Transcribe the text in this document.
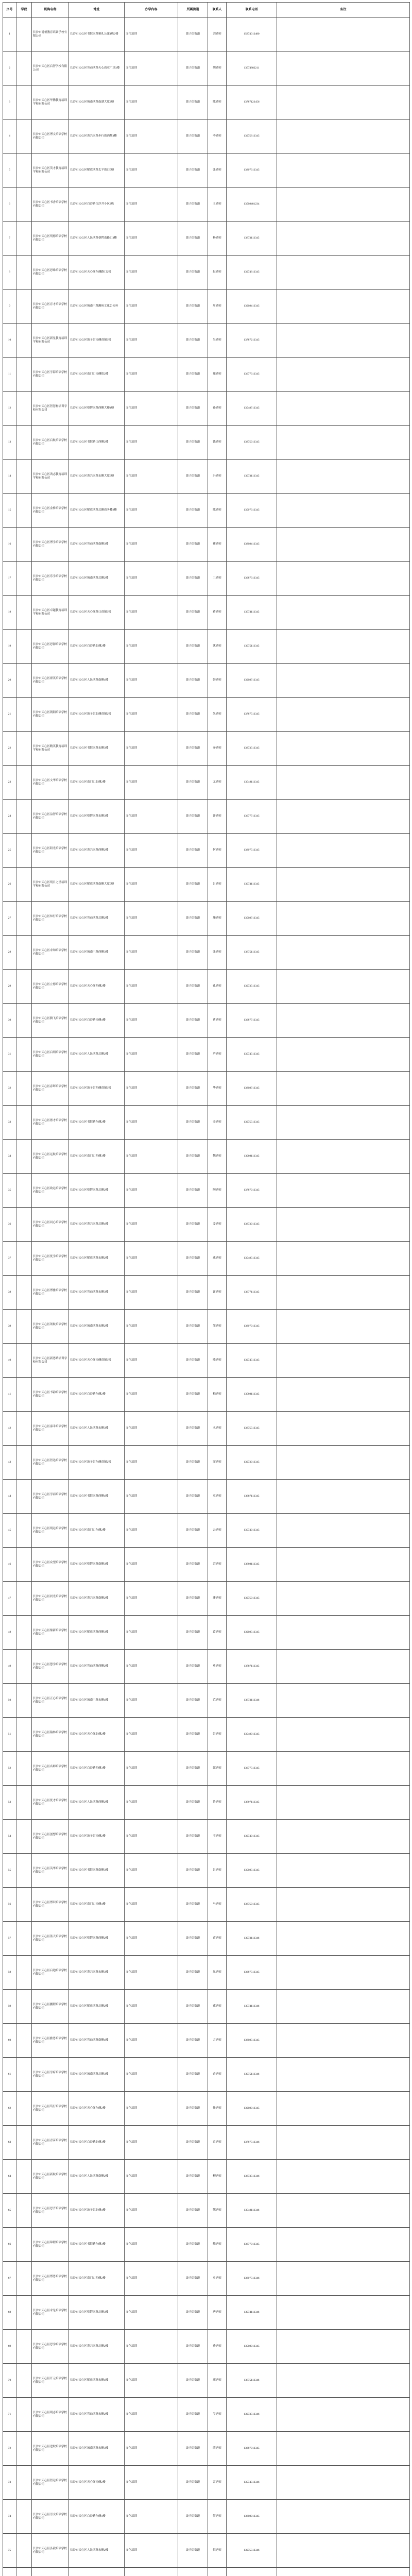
序号	学段	机构名称	地址	办学内容	所属街道	联系人	联系电话	备注
1		长沙市易德教育培训学校有限公司	长沙市天心区书院南路雅礼公寓1栋2楼	文化培训	坡子街街道	刘老师	15874012480	
2		长沙市天心区启智学校有限公司	长沙市天心区劳动西路天心商业广场3楼	文化培训	坡子街街道	胡老师	13574882211	
3		长沙市天心区华腾教育培训学校有限公司	长沙市天心区城南西路南湖大厦2楼	文化培训	坡子街街道	陈老师	13787123456	
4		长沙市天心区博文培训学校有限公司	长沙市天心区黄兴南路步行街西侧3楼	文化培训	坡子街街道	李老师	13975812345	
5		长沙市天心区英才教育培训学校有限公司	长沙市天心区解放西路太平街口5楼	文化培训	坡子街街道	张老师	13807312345	
6		长沙市天心区书香培训学校有限公司	长沙市天心区白沙路白沙井小区2栋	文化培训	坡子街街道	王老师	13508481234	
7		长沙市天心区明德培训学校有限公司	长沙市天心区人民西路蔡锷南路口3楼	文化培训	坡子街街道	杨老师	13873112345	
8		长沙市天心区思维培训学校有限公司	长沙市天心区天心阁东侧路口2楼	文化培训	坡子街街道	赵老师	13974812345	
9		长沙市天心区育才培训学校有限公司	长沙市天心区城南中路湘府文化公园旁	文化培训	坡子街街道	周老师	13908412345	
10		长沙市天心区新星教育培训学校有限公司	长沙市天心区坡子街南侧商铺3楼	文化培训	坡子街街道	吴老师	13787212345	
11		长沙市天心区学海培训学校有限公司	长沙市天心区南门口南侧街2楼	文化培训	坡子街街道	郑老师	13677312345	
12		长沙市天心区智慧树培训学校有限公司	长沙市天心区蔡锷南路西侧大楼4楼	文化培训	坡子街街道	孙老师	13548712345	
13		长沙市天心区启航培训学校有限公司	长沙市天心区书院路口西侧2楼	文化培训	坡子街街道	钱老师	13875912345	
14		长沙市天心区鸿志教育培训学校有限公司	长沙市天心区黄兴南路东侧大厦6楼	文化培训	坡子街街道	冯老师	13973112345	
15		长沙市天心区金桥培训学校有限公司	长沙市天心区解放西路北侧商务楼2楼	文化培训	坡子街街道	陈老师	13507312345	
16		长沙市天心区博学培训学校有限公司	长沙市天心区劳动西路南侧3楼	文化培训	坡子街街道	褚老师	13808412345	
17		长沙市天心区乐学培训学校有限公司	长沙市天心区城南西路北侧2楼	文化培训	坡子街街道	卫老师	13687312345	
18		长沙市天心区卓越教育培训学校有限公司	长沙市天心区天心阁路口商铺3楼	文化培训	坡子街街道	蒋老师	13574112345	
19		长沙市天心区思源培训学校有限公司	长沙市天心区白沙路北侧2楼	文化培训	坡子街街道	沈老师	13975112345	
20		长沙市天心区群英培训学校有限公司	长沙市天心区人民西路南侧4楼	文化培训	坡子街街道	韩老师	13908712345	
21		长沙市天心区朝阳培训学校有限公司	长沙市天心区坡子街北侧商铺2楼	文化培训	坡子街街道	朱老师	13787512345	
22		长沙市天心区精英教育培训学校有限公司	长沙市天心区书院南路东侧3楼	文化培训	坡子街街道	秦老师	13873512345	
23		长沙市天心区文华培训学校有限公司	长沙市天心区南门口北侧2楼	文化培训	坡子街街道	尤老师	13548112345	
24		长沙市天心区益智培训学校有限公司	长沙市天心区蔡锷南路东侧3楼	文化培训	坡子街街道	许老师	13677712345	
25		长沙市天心区阳光培训学校有限公司	长沙市天心区黄兴南路西侧2楼	文化培训	坡子街街道	何老师	13807512345	
26		长沙市天心区明日之星培训学校有限公司	长沙市天心区解放西路南侧大厦5楼	文化培训	坡子街街道	吕老师	13974112345	
27		长沙市天心区知行培训学校有限公司	长沙市天心区劳动西路北侧2楼	文化培训	坡子街街道	施老师	13508712345	
28		长沙市天心区求知培训学校有限公司	长沙市天心区城南中路西侧3楼	文化培训	坡子街街道	张老师	13875112345	
29		长沙市天心区立德培训学校有限公司	长沙市天心区天心阁西侧2楼	文化培训	坡子街街道	孔老师	13973512345	
30		长沙市天心区腾飞培训学校有限公司	长沙市天心区白沙路南侧4楼	文化培训	坡子街街道	曹老师	13687712345	
31		长沙市天心区启明培训学校有限公司	长沙市天心区人民西路北侧2楼	文化培训	坡子街街道	严老师	13574512345	
32		长沙市天心区春晖培训学校有限公司	长沙市天心区坡子街西侧商铺3楼	文化培训	坡子街街道	华老师	13808712345	
33		长沙市天心区德才培训学校有限公司	长沙市天心区书院路东侧2楼	文化培训	坡子街街道	金老师	13975512345	
34		长沙市天心区远航培训学校有限公司	长沙市天心区南门口西侧3楼	文化培训	坡子街街道	魏老师	13908112345	
35		长沙市天心区致远培训学校有限公司	长沙市天心区蔡锷南路北侧2楼	文化培训	坡子街街道	陶老师	13787912345	
36		长沙市天心区同心培训学校有限公司	长沙市天心区黄兴南路北侧4楼	文化培训	坡子街街道	姜老师	13873912345	
37		长沙市天心区优学培训学校有限公司	长沙市天心区解放西路东侧2楼	文化培训	坡子街街道	戚老师	13548512345	
38		长沙市天心区博雅培训学校有限公司	长沙市天心区劳动西路东侧3楼	文化培训	坡子街街道	谢老师	13677112345	
39		长沙市天心区领航培训学校有限公司	长沙市天心区城南西路东侧2楼	文化培训	坡子街街道	邹老师	13807912345	
40		长沙市天心区新思路培训学校有限公司	长沙市天心区天心阁南侧商铺3楼	文化培训	坡子街街道	喻老师	13974512345	
41		长沙市天心区书韵培训学校有限公司	长沙市天心区白沙路东侧2楼	文化培训	坡子街街道	柏老师	13508112345	
42		长沙市天心区嘉禾培训学校有限公司	长沙市天心区人民西路东侧3楼	文化培训	坡子街街道	水老师	13875512345	
43		长沙市天心区智达培训学校有限公司	长沙市天心区坡子街东侧商铺2楼	文化培训	坡子街街道	窦老师	13973912345	
44		长沙市天心区学而培训学校有限公司	长沙市天心区书院南路西侧4楼	文化培训	坡子街街道	章老师	13687112345	
45		长沙市天心区明远培训学校有限公司	长沙市天心区南门口东侧2楼	文化培训	坡子街街道	云老师	13574912345	
46		长沙市天心区众望培训学校有限公司	长沙市天心区蔡锷南路南侧3楼	文化培训	坡子街街道	苏老师	13808112345	
47		长沙市天心区晨光培训学校有限公司	长沙市天心区黄兴南路南侧2楼	文化培训	坡子街街道	潘老师	13975912345	
48		长沙市天心区鼎新培训学校有限公司	长沙市天心区解放西路西侧3楼	文化培训	坡子街街道	葛老师	13908512345	
49		长沙市天心区慧学培训学校有限公司	长沙市天心区劳动西路西侧2楼	文化培训	坡子街街道	奚老师	13787112345	
50		长沙市天心区正心培训学校有限公司	长沙市天心区城南中路东侧4楼	文化培训	坡子街街道	范老师	13873112346	
51		长沙市天心区翰林培训学校有限公司	长沙市天心区天心阁北侧2楼	文化培训	坡子街街道	彭老师	13548912345	
52		长沙市天心区名师培训学校有限公司	长沙市天心区白沙路西侧3楼	文化培训	坡子街街道	郎老师	13677512345	
53		长沙市天心区优才培训学校有限公司	长沙市天心区人民西路西侧2楼	文化培训	坡子街街道	鲁老师	13807112345	
54		长沙市天心区创想培训学校有限公司	长沙市天心区坡子街南侧2楼	文化培训	坡子街街道	韦老师	13974912345	
55		长沙市天心区英华培训学校有限公司	长沙市天心区书院南路南侧3楼	文化培训	坡子街街道	昌老师	13508512345	
56		长沙市天心区博识培训学校有限公司	长沙市天心区南门口南侧4楼	文化培训	坡子街街道	马老师	13875912345	
57		长沙市天心区蓝天培训学校有限公司	长沙市天心区蔡锷南路西侧2楼	文化培训	坡子街街道	苗老师	13973112346	
58		长沙市天心区启迪培训学校有限公司	长沙市天心区黄兴南路东侧3楼	文化培训	坡子街街道	凤老师	13687512345	
59		长沙市天心区鹏程培训学校有限公司	长沙市天心区解放西路北侧2楼	文化培训	坡子街街道	花老师	13574112346	
60		长沙市天心区雅思培训学校有限公司	长沙市天心区劳动西路南侧4楼	文化培训	坡子街街道	方老师	13808512345	
61		长沙市天心区学府培训学校有限公司	长沙市天心区城南西路北侧3楼	文化培训	坡子街街道	俞老师	13975112346	
62		长沙市天心区笃行培训学校有限公司	长沙市天心区天心阁东侧2楼	文化培训	坡子街街道	任老师	13908912345	
63		长沙市天心区青苗培训学校有限公司	长沙市天心区白沙路北侧3楼	文化培训	坡子街街道	袁老师	13787512346	
64		长沙市天心区新航培训学校有限公司	长沙市天心区人民西路南侧2楼	文化培训	坡子街街道	柳老师	13873512346	
65		长沙市天心区思齐培训学校有限公司	长沙市天心区坡子街北侧4楼	文化培训	坡子街街道	酆老师	13548112346	
66		长沙市天心区锦程培训学校有限公司	长沙市天心区书院路东侧3楼	文化培训	坡子街街道	鲍老师	13677912345	
67		长沙市天心区博思培训学校有限公司	长沙市天心区南门口西侧2楼	文化培训	坡子街街道	史老师	13807512346	
68		长沙市天心区求是培训学校有限公司	长沙市天心区蔡锷南路北侧3楼	文化培训	坡子街街道	唐老师	13974112346	
69		长沙市天心区思学培训学校有限公司	长沙市天心区黄兴南路北侧2楼	文化培训	坡子街街道	费老师	13508912345	
70		长沙市天心区开元培训学校有限公司	长沙市天心区解放西路东侧4楼	文化培训	坡子街街道	廉老师	13875112346	
71		长沙市天心区明志培训学校有限公司	长沙市天心区劳动西路东侧2楼	文化培训	坡子街街道	岑老师	13973512346	
72		长沙市天心区进取培训学校有限公司	长沙市天心区城南西路东侧3楼	文化培训	坡子街街道	薛老师	13687912345	
73		长沙市天心区智远培训学校有限公司	长沙市天心区天心阁南侧2楼	文化培训	坡子街街道	雷老师	13574512346	
74		长沙市天心区崇文培训学校有限公司	长沙市天心区白沙路东侧4楼	文化培训	坡子街街道	贺老师	13808912345	
75		长沙市天心区弘毅培训学校有限公司	长沙市天心区人民西路东侧2楼	文化培训	坡子街街道	倪老师	13975512346	
